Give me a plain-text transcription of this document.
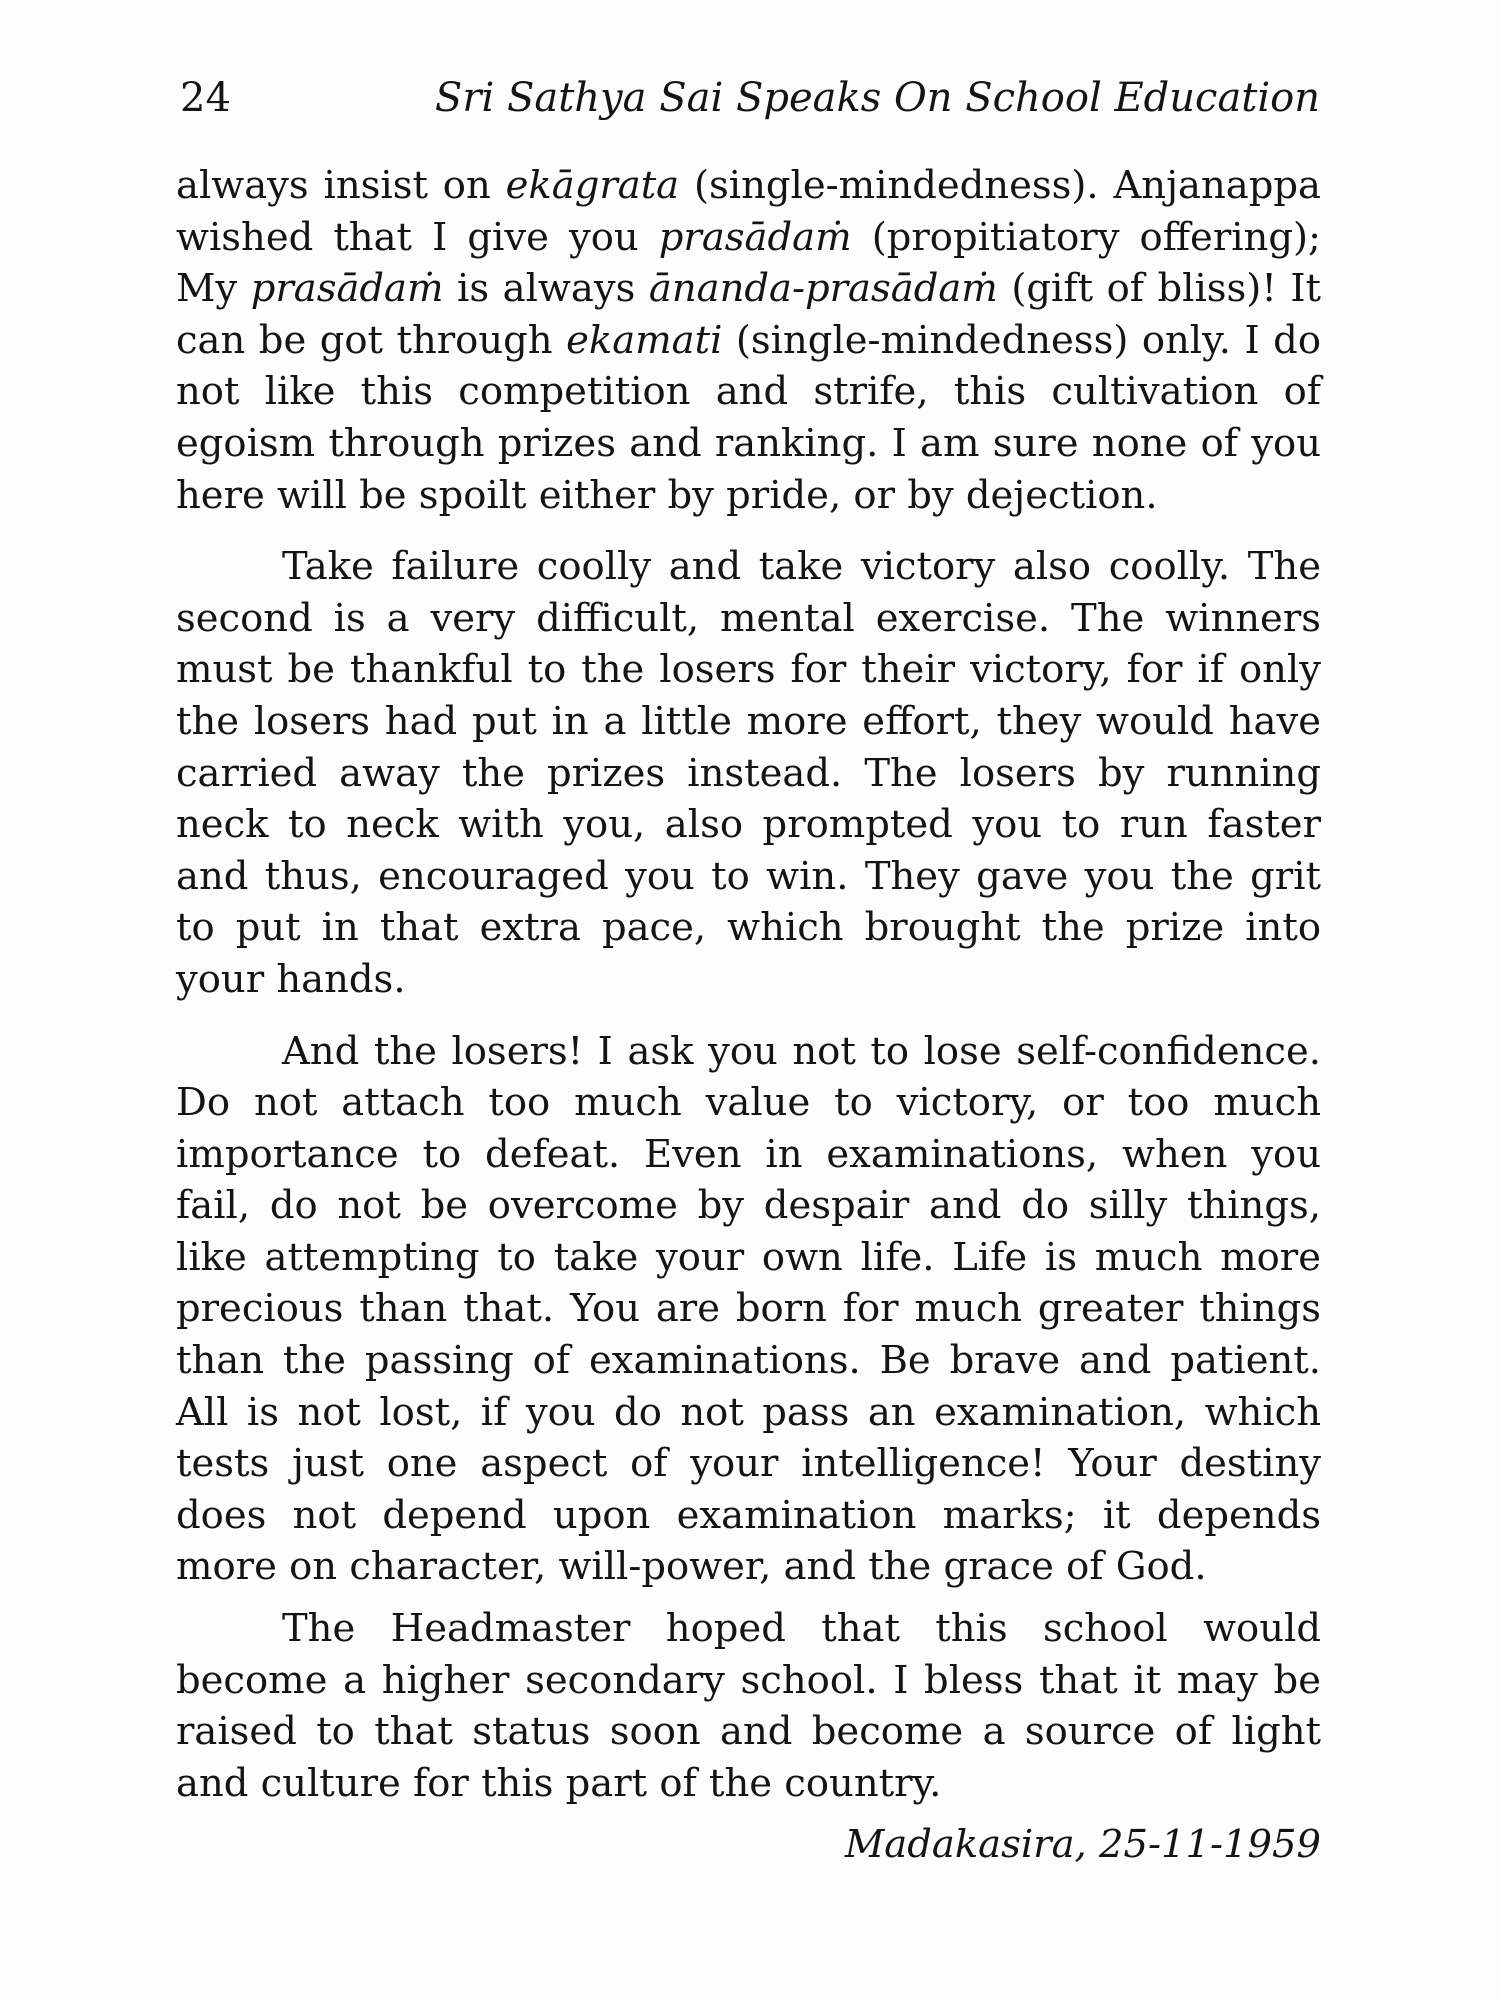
24	Sri Sathya Sai Speaks On School Education

always insist on ekāgrata (single-mindedness). Anjanappa wished that I give you prasādaṁ (propitiatory offering); My prasādaṁ is always ānanda-prasādaṁ (gift of bliss)! It can be got through ekamati (single-mindedness) only. I do not like this competition and strife, this cultivation of egoism through prizes and ranking. I am sure none of you here will be spoilt either by pride, or by dejection.

Take failure coolly and take victory also coolly. The second is a very difficult, mental exercise. The winners must be thankful to the losers for their victory, for if only the losers had put in a little more effort, they would have carried away the prizes instead. The losers by running neck to neck with you, also prompted you to run faster and thus, encouraged you to win. They gave you the grit to put in that extra pace, which brought the prize into your hands.

And the losers! I ask you not to lose self-confidence. Do not attach too much value to victory, or too much importance to defeat. Even in examinations, when you fail, do not be overcome by despair and do silly things, like attempting to take your own life. Life is much more precious than that. You are born for much greater things than the passing of examinations. Be brave and patient. All is not lost, if you do not pass an examination, which tests just one aspect of your intelligence! Your destiny does not depend upon examination marks; it depends more on character, will-power, and the grace of God.

The Headmaster hoped that this school would become a higher secondary school. I bless that it may be raised to that status soon and become a source of light and culture for this part of the country.

Madakasira, 25-11-1959
